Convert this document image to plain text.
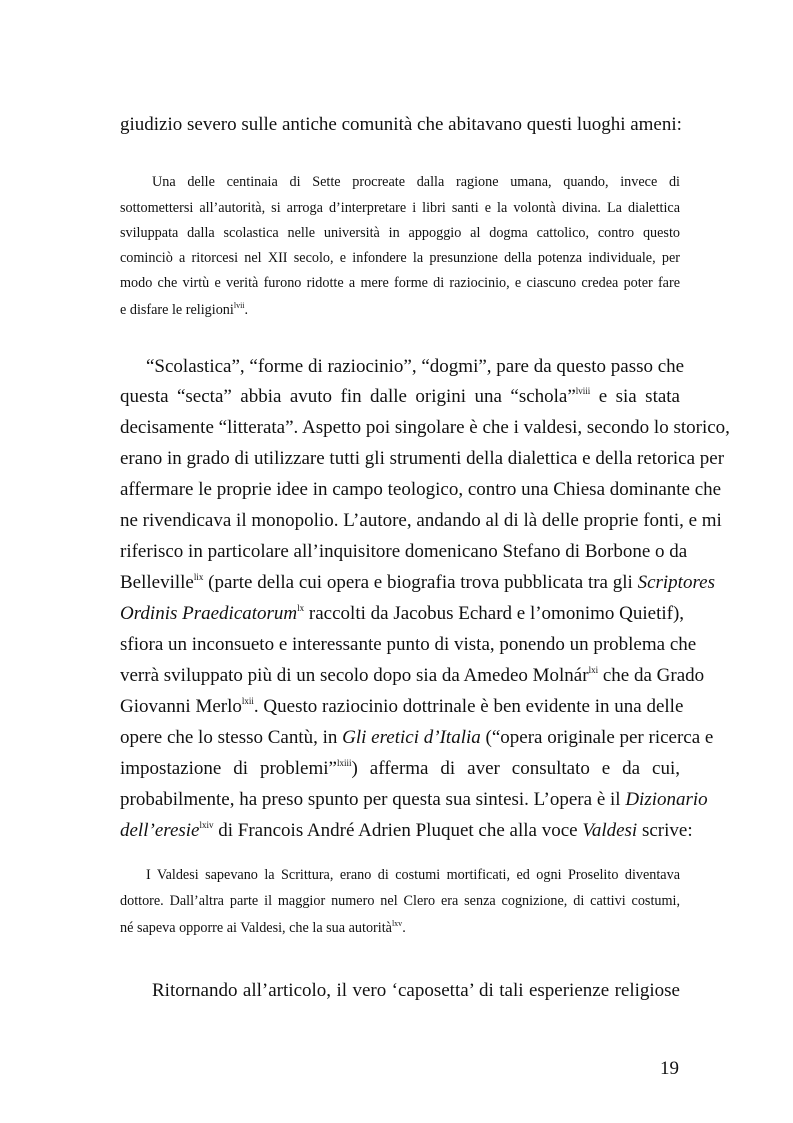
giudizio severo sulle antiche comunità che abitavano questi luoghi ameni:
Una delle centinaia di Sette procreate dalla ragione umana, quando, invece di
sottomettersi all’autorità, si arroga d’interpretare i libri santi e la volontà divina. La dialettica
sviluppata dalla scolastica nelle università in appoggio al dogma cattolico, contro questo
cominciò a ritorcesi nel XII secolo, e infondere la presunzione della potenza individuale, per
modo che virtù e verità furono ridotte a mere forme di raziocinio, e ciascuno credea poter fare
e disfare le religioni$^{lvii}$.
“Scolastica”, “forme di raziocinio”, “dogmi”, pare da questo passo che
questa “secta” abbia avuto fin dalle origini una “schola”$^{lviii}$ e sia stata
decisamente “litterata”. Aspetto poi singolare è che i valdesi, secondo lo storico,
erano in grado di utilizzare tutti gli strumenti della dialettica e della retorica per
affermare le proprie idee in campo teologico, contro una Chiesa dominante che
ne rivendicava il monopolio. L’autore, andando al di là delle proprie fonti, e mi
riferisco in particolare all’inquisitore domenicano Stefano di Borbone o da
Belleville$^{lix}$ (parte della cui opera e biografia trova pubblicata tra gli Scriptores
Ordinis Praedicatorum$^{lx}$ raccolti da Jacobus Echard e l’omonimo Quietif),
sfiora un inconsueto e interessante punto di vista, ponendo un problema che
verrà sviluppato più di un secolo dopo sia da Amedeo Molnár$^{lxi}$ che da Grado
Giovanni Merlo$^{lxii}$. Questo raziocinio dottrinale è ben evidente in una delle
opere che lo stesso Cantù, in Gli eretici d’Italia (“opera originale per ricerca e
impostazione di problemi”$^{lxiii}$) afferma di aver consultato e da cui,
probabilmente, ha preso spunto per questa sua sintesi. L’opera è il Dizionario
dell’eresie$^{lxiv}$ di Francois André Adrien Pluquet che alla voce Valdesi scrive:
I Valdesi sapevano la Scrittura, erano di costumi mortificati, ed ogni Proselito diventava
dottore. Dall’altra parte il maggior numero nel Clero era senza cognizione, di cattivi costumi,
né sapeva opporre ai Valdesi, che la sua autorità$^{lxv}$.
Ritornando all’articolo, il vero ‘caposetta’ di tali esperienze religiose
19
